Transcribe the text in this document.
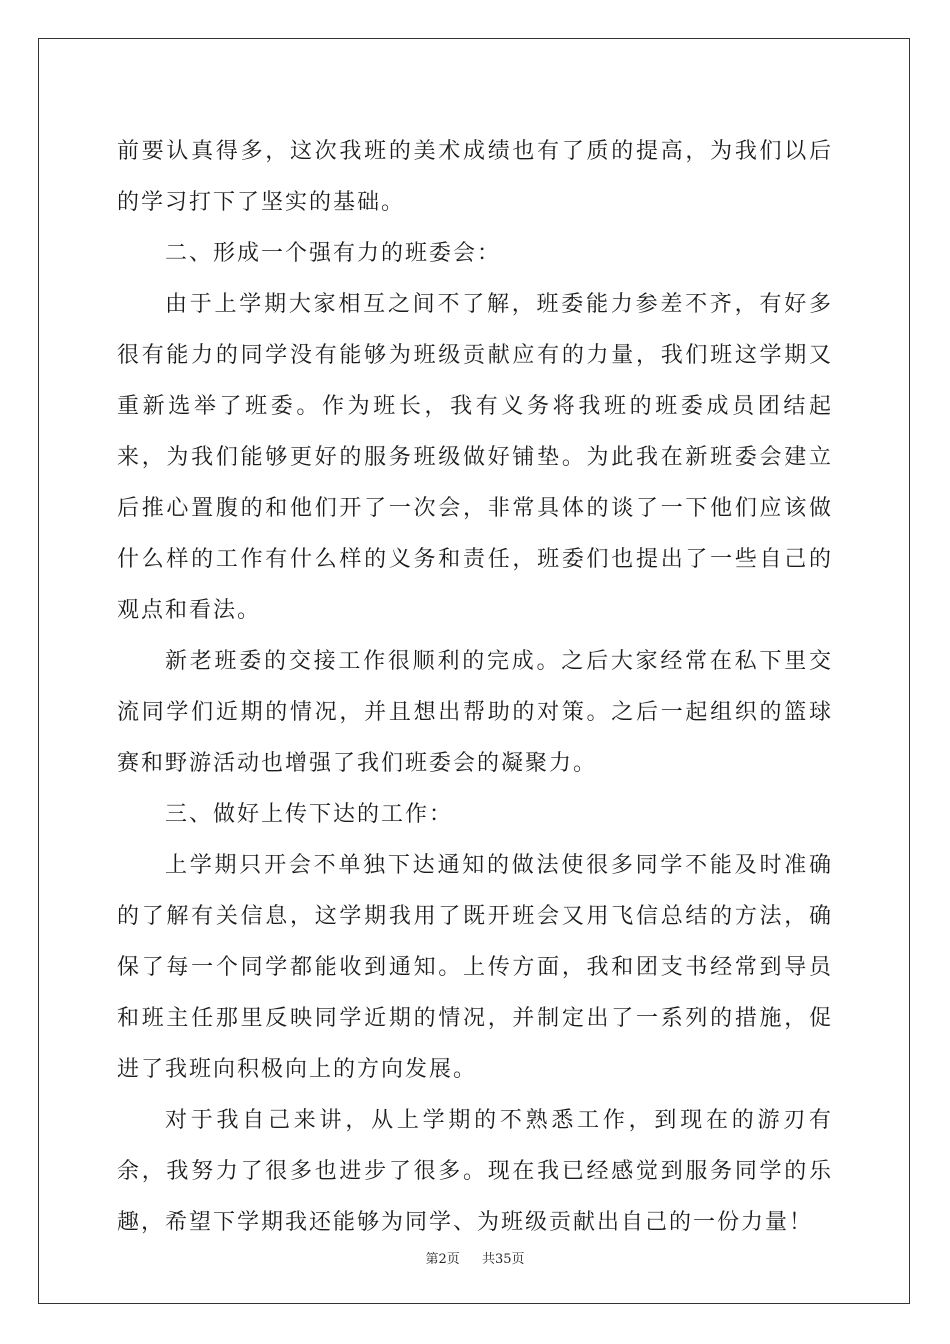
前要认真得多，这次我班的美术成绩也有了质的提高，为我们以后的学习打下了坚实的基础。

二、形成一个强有力的班委会：

由于上学期大家相互之间不了解，班委能力参差不齐，有好多很有能力的同学没有能够为班级贡献应有的力量，我们班这学期又重新选举了班委。作为班长，我有义务将我班的班委成员团结起来，为我们能够更好的服务班级做好铺垫。为此我在新班委会建立后推心置腹的和他们开了一次会，非常具体的谈了一下他们应该做什么样的工作有什么样的义务和责任，班委们也提出了一些自己的观点和看法。

新老班委的交接工作很顺利的完成。之后大家经常在私下里交流同学们近期的情况，并且想出帮助的对策。之后一起组织的篮球赛和野游活动也增强了我们班委会的凝聚力。

三、做好上传下达的工作：

上学期只开会不单独下达通知的做法使很多同学不能及时准确的了解有关信息，这学期我用了既开班会又用飞信总结的方法，确保了每一个同学都能收到通知。上传方面，我和团支书经常到导员和班主任那里反映同学近期的情况，并制定出了一系列的措施，促进了我班向积极向上的方向发展。

对于我自己来讲，从上学期的不熟悉工作，到现在的游刃有余，我努力了很多也进步了很多。现在我已经感觉到服务同学的乐趣，希望下学期我还能够为同学、为班级贡献出自己的一份力量！

第2页 共35页
